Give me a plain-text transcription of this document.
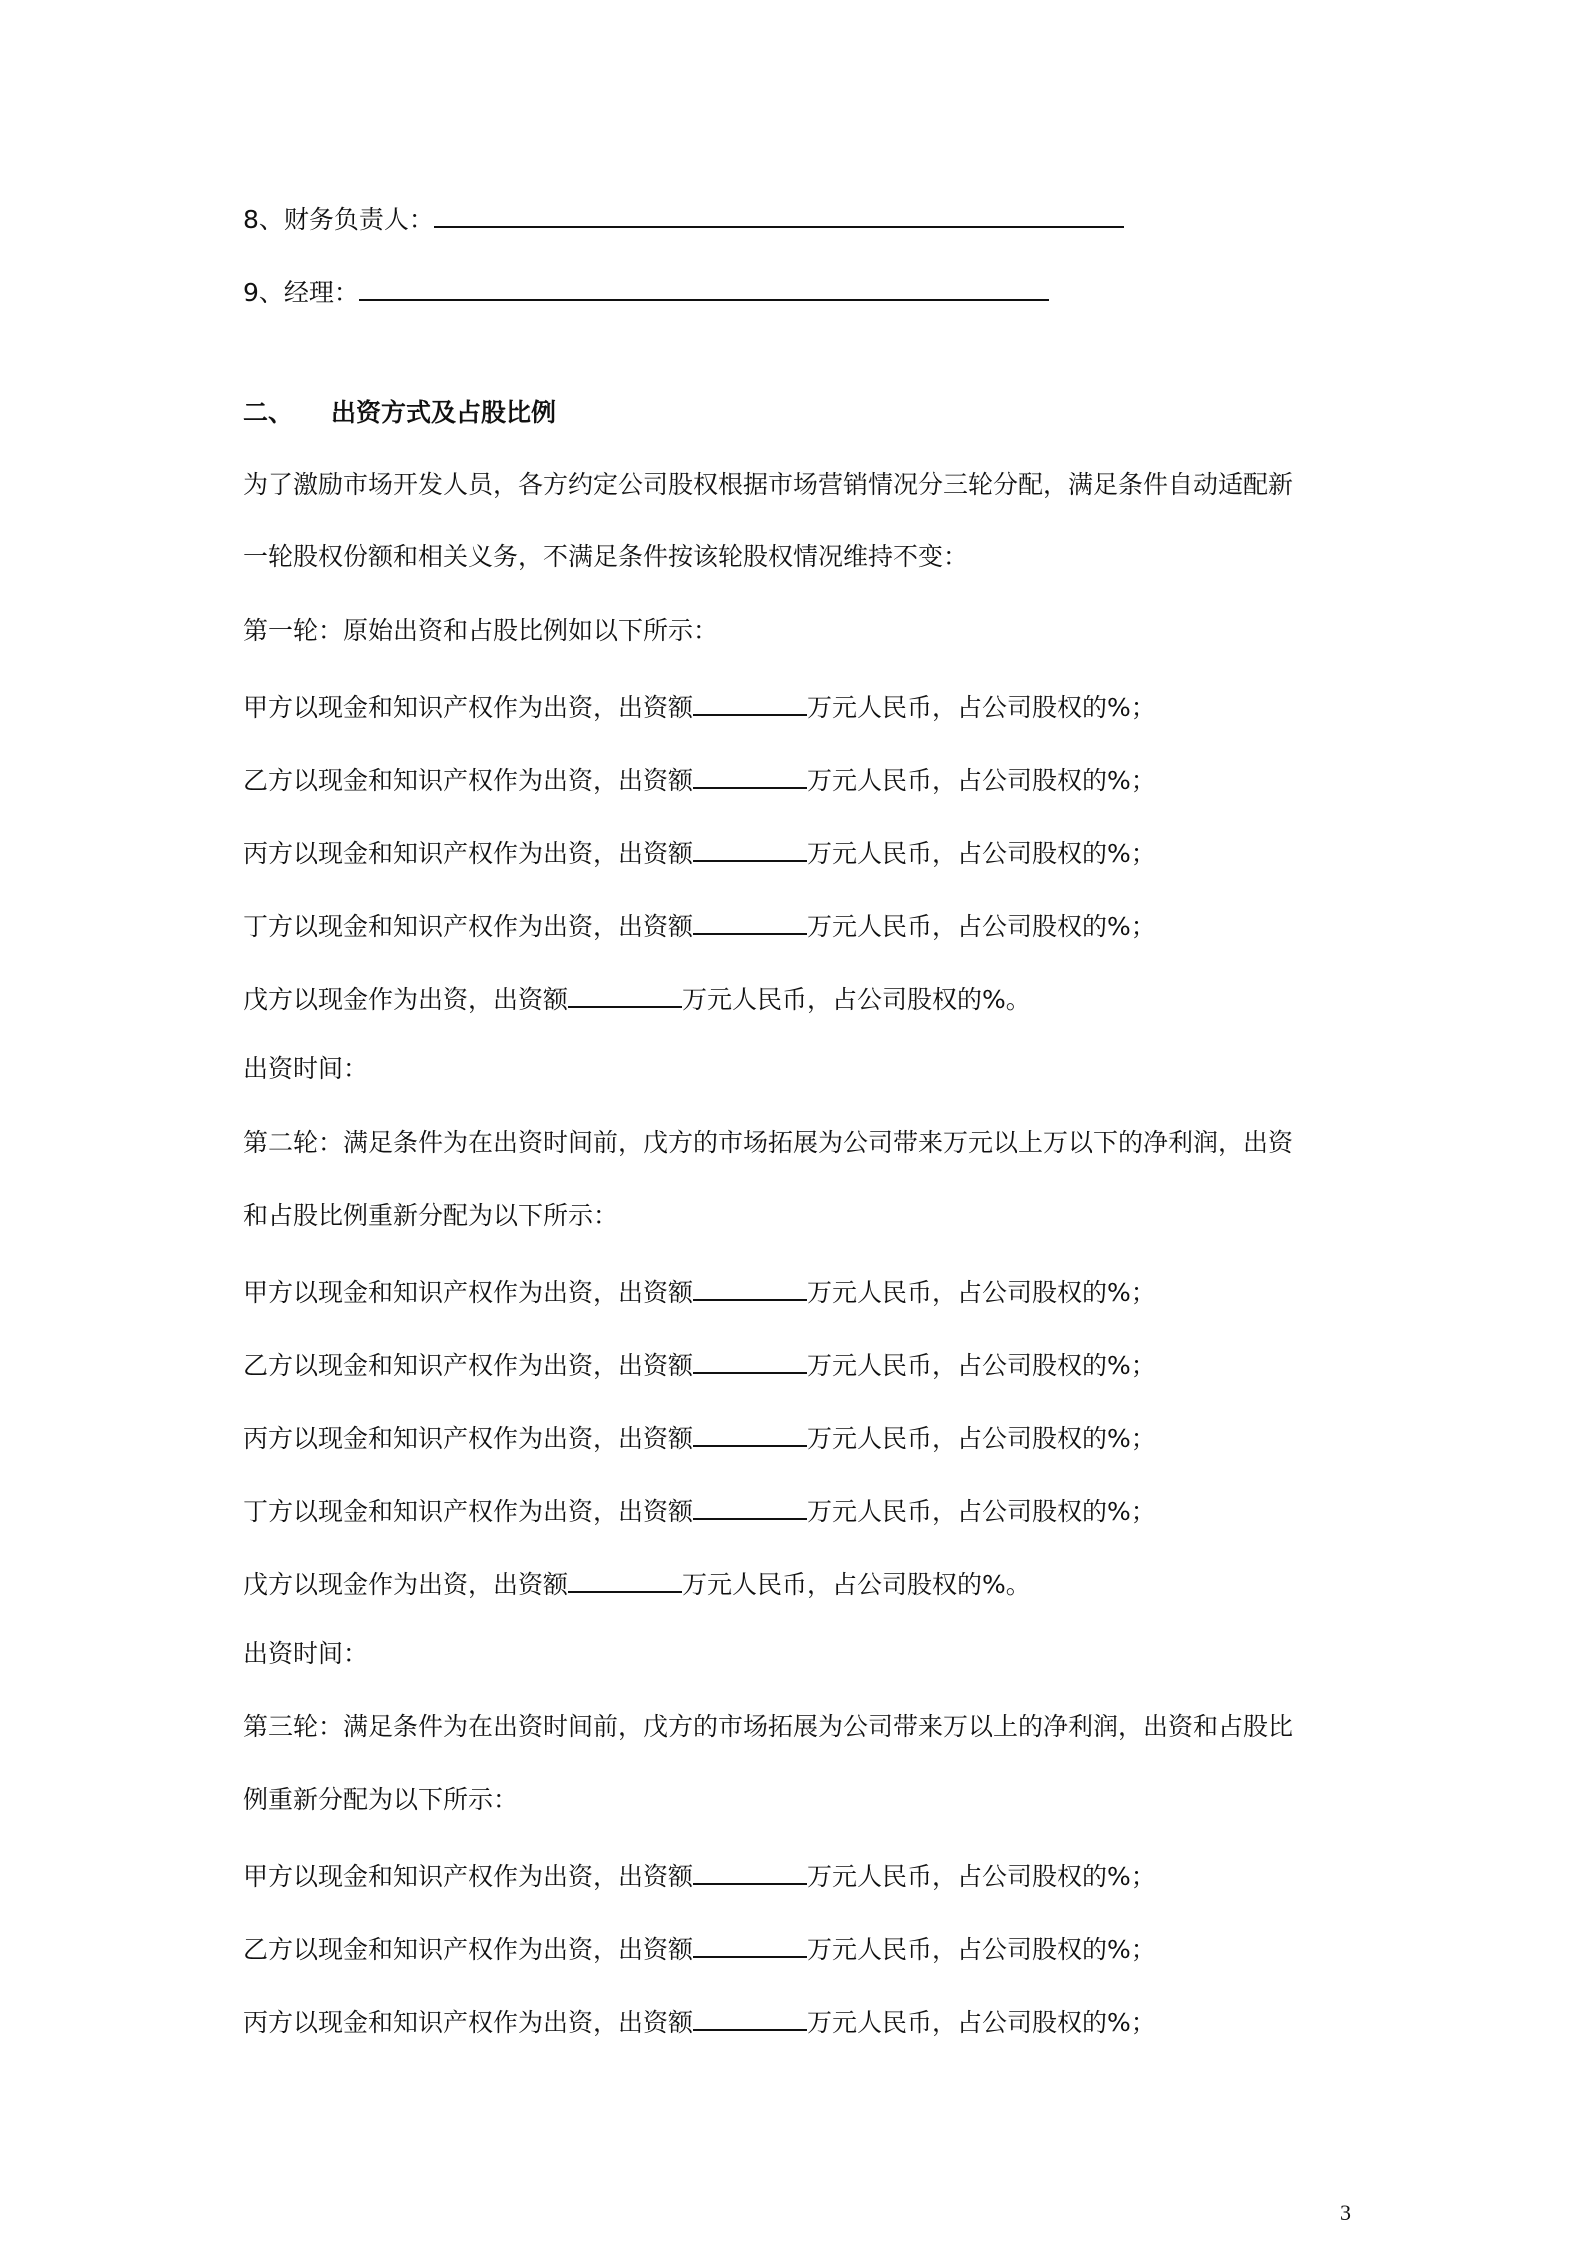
8、财务负责人：
9、经理：
二、 出资方式及占股比例
为了激励市场开发人员，各方约定公司股权根据市场营销情况分三轮分配，满足条件自动适配新
一轮股权份额和相关义务，不满足条件按该轮股权情况维持不变：
第一轮：原始出资和占股比例如以下所示：
甲方以现金和知识产权作为出资，出资额	万元人民币，占公司股权的%；
乙方以现金和知识产权作为出资，出资额	万元人民币，占公司股权的%；
丙方以现金和知识产权作为出资，出资额	万元人民币，占公司股权的%；
丁方以现金和知识产权作为出资，出资额	万元人民币，占公司股权的%；
戊方以现金作为出资，出资额	万元人民币，占公司股权的%。
出资时间：
第二轮：满足条件为在出资时间前，戊方的市场拓展为公司带来万元以上万以下的净利润，出资
和占股比例重新分配为以下所示：
甲方以现金和知识产权作为出资，出资额	万元人民币，占公司股权的%；
乙方以现金和知识产权作为出资，出资额	万元人民币，占公司股权的%；
丙方以现金和知识产权作为出资，出资额	万元人民币，占公司股权的%；
丁方以现金和知识产权作为出资，出资额	万元人民币，占公司股权的%；
戊方以现金作为出资，出资额	万元人民币，占公司股权的%。
出资时间：
第三轮：满足条件为在出资时间前，戊方的市场拓展为公司带来万以上的净利润，出资和占股比
例重新分配为以下所示：
甲方以现金和知识产权作为出资，出资额	万元人民币，占公司股权的%；
乙方以现金和知识产权作为出资，出资额	万元人民币，占公司股权的%；
丙方以现金和知识产权作为出资，出资额	万元人民币，占公司股权的%；
3
